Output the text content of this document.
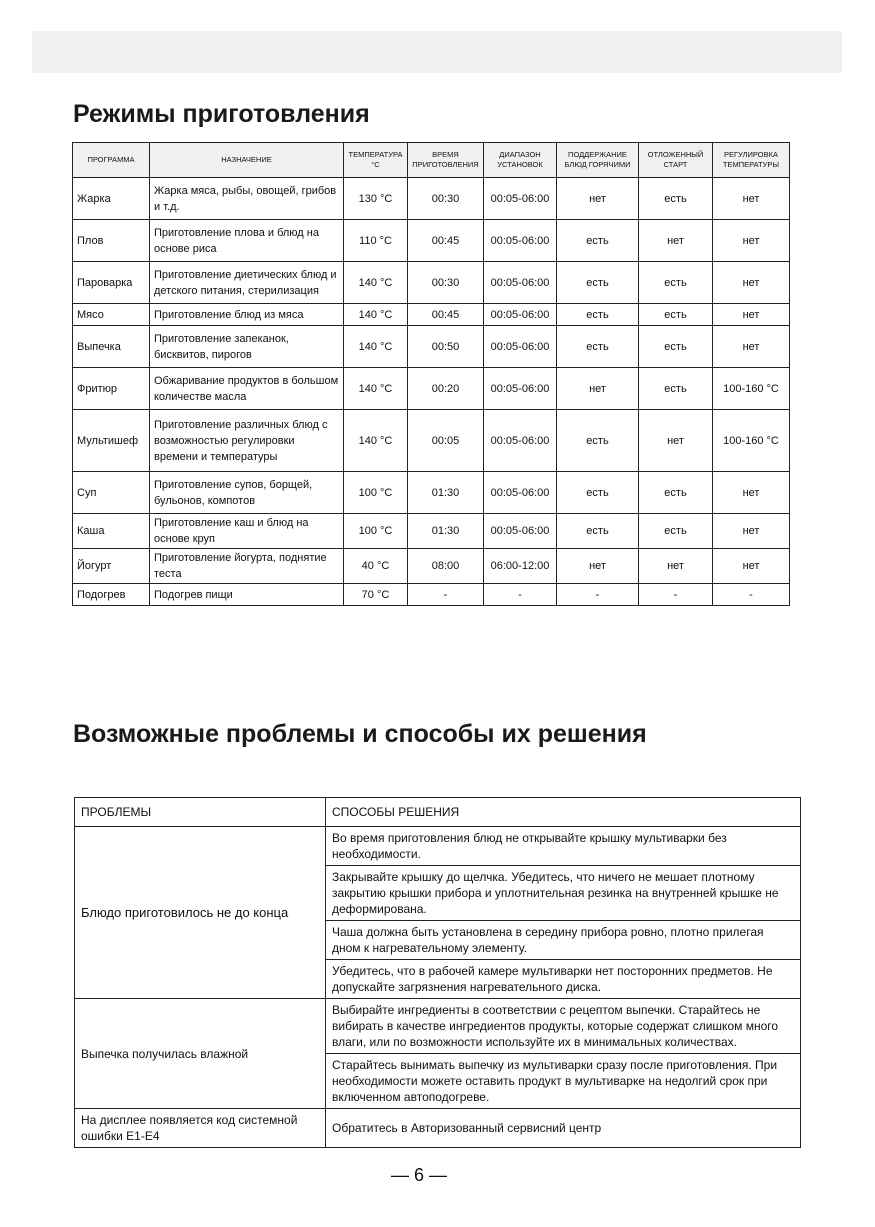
Режимы приготовления
ПРОГРАММА	НАЗНАЧЕНИЕ	ТЕМПЕРАТУРА °С	ВРЕМЯ ПРИГОТОВЛЕНИЯ	ДИАПАЗОН УСТАНОВОК	ПОДДЕРЖАНИЕ БЛЮД ГОРЯЧИМИ	ОТЛОЖЕННЫЙ СТАРТ	РЕГУЛИРОВКА ТЕМПЕРАТУРЫ
Жарка	Жарка мяса, рыбы, овощей, грибов и т.д.	130 °С	00:30	00:05-06:00	нет	есть	нет
Плов	Приготовление плова и блюд на основе риса	110 °С	00:45	00:05-06:00	есть	нет	нет
Пароварка	Приготовление диетических блюд и детского питания, стерилизация	140 °С	00:30	00:05-06:00	есть	есть	нет
Мясо	Приготовление блюд из мяса	140 °С	00:45	00:05-06:00	есть	есть	нет
Выпечка	Приготовление запеканок, бисквитов, пирогов	140 °С	00:50	00:05-06:00	есть	есть	нет
Фритюр	Обжаривание продуктов в большом количестве масла	140 °С	00:20	00:05-06:00	нет	есть	100-160 °С
Мультишеф	Приготовление различных блюд с возможностью регулировки времени и температуры	140 °С	00:05	00:05-06:00	есть	нет	100-160 °С
Суп	Приготовление супов, борщей, бульонов, компотов	100 °С	01:30	00:05-06:00	есть	есть	нет
Каша	Приготовление каш и блюд на основе круп	100 °С	01:30	00:05-06:00	есть	есть	нет
Йогурт	Приготовление йогурта, поднятие теста	40 °С	08:00	06:00-12:00	нет	нет	нет
Подогрев	Подогрев пищи	70 °С	-	-	-	-	-
Возможные проблемы и способы их решения
ПРОБЛЕМЫ	СПОСОБЫ РЕШЕНИЯ
Блюдо приготовилось не до конца	Во время приготовления блюд не открывайте крышку мультиварки без необходимости.
	Закрывайте крышку до щелчка. Убедитесь, что ничего не мешает плотному закрытию крышки прибора и уплотнительная резинка на внутренней крышке не деформирована.
	Чаша должна быть установлена в середину прибора ровно, плотно прилегая дном к нагревательному элементу.
	Убедитесь, что в рабочей камере мультиварки нет посторонних предметов. Не допускайте загрязнения нагревательного диска.
Выпечка получилась влажной	Выбирайте ингредиенты в соответствии с рецептом выпечки. Старайтесь не вибирать в качестве ингредиентов продукты, которые содержат слишком много влаги, или по возможности используйте их в минимальных количествах.
	Старайтесь вынимать выпечку из мультиварки сразу после приготовления. При необходимости можете оставить продукт в мультиварке на недолгий срок при включенном автоподогреве.
На дисплее появляется код системной ошибки Е1-Е4	Обратитесь в Авторизованный сервисний центр
— 6 —
